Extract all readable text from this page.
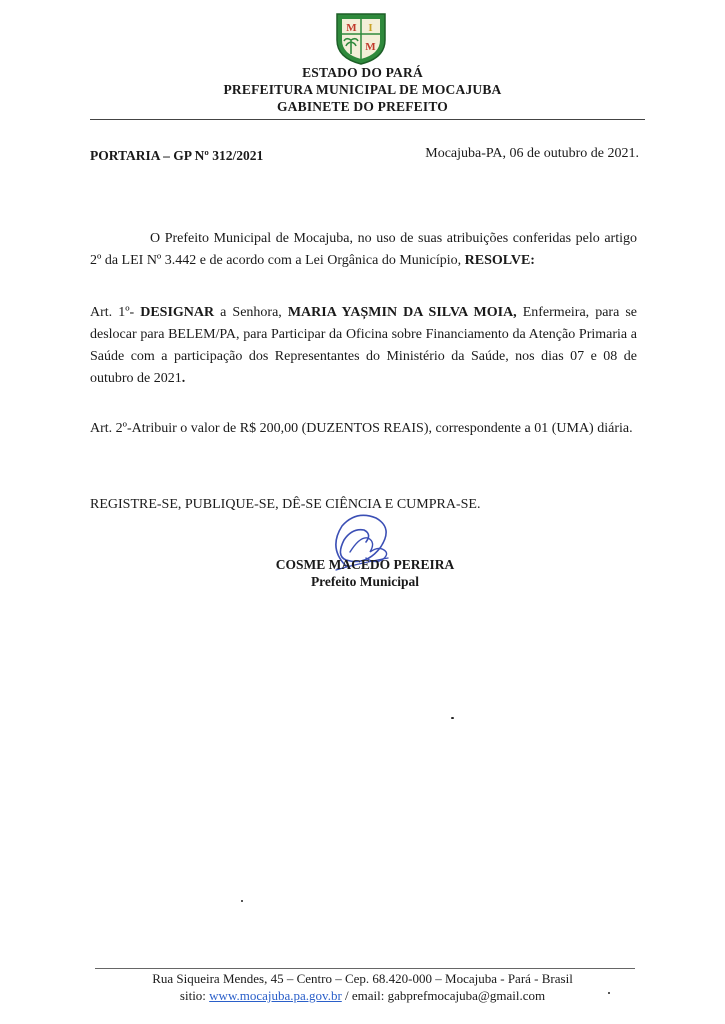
M I
M
ESTADO DO PARÁ
PREFEITURA MUNICIPAL DE MOCAJUBA
GABINETE DO PREFEITO
PORTARIA – GP Nº 312/2021	Mocajuba-PA, 06 de outubro de 2021.
O Prefeito Municipal de Mocajuba, no uso de suas atribuições conferidas pelo artigo 2º da LEI Nº 3.442 e de acordo com a Lei Orgânica do Município, RESOLVE:
Art. 1º- DESIGNAR a Senhora, MARIA YAȘMIN DA SILVA MOIA, Enfermeira, para se deslocar para BELEM/PA, para Participar da Oficina sobre Financiamento da Atenção Primaria a Saúde com a participação dos Representantes do Ministério da Saúde, nos dias 07 e 08 de outubro de 2021.
Art. 2º-Atribuir o valor de R$ 200,00 (DUZENTOS REAIS), correspondente a 01 (UMA) diária.
REGISTRE-SE, PUBLIQUE-SE, DÊ-SE CIÊNCIA E CUMPRA-SE.
COSME MACEDO PEREIRA
Prefeito Municipal
Rua Siqueira Mendes, 45 – Centro – Cep. 68.420-000 – Mocajuba - Pará - Brasil
sitio: www.mocajuba.pa.gov.br / email: gabprefmocajuba@gmail.com
